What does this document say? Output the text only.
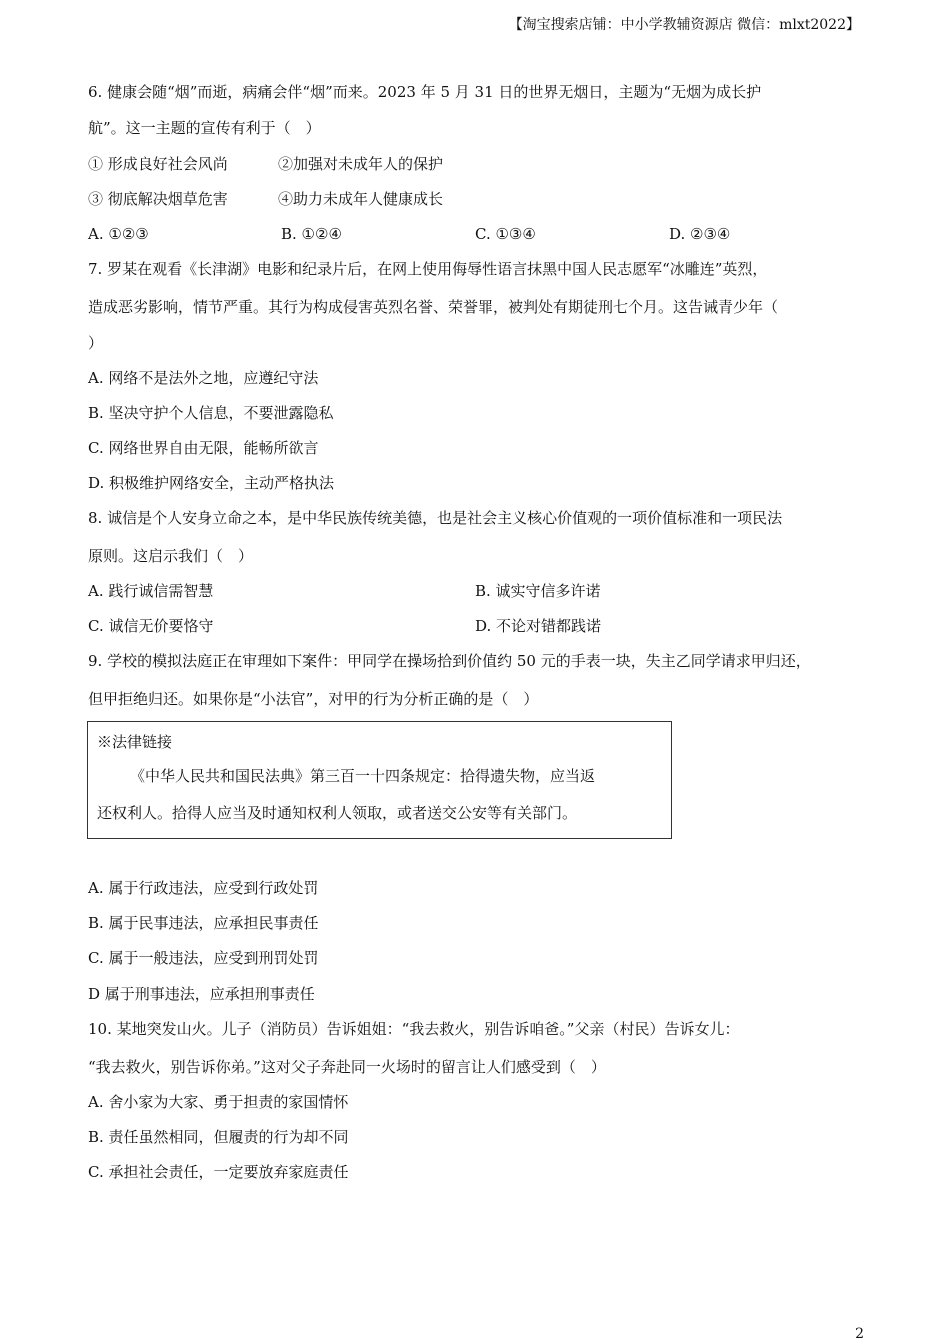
【淘宝搜索店铺：中小学教辅资源店 微信：mlxt2022】
6. 健康会随“烟”而逝，病痛会伴“烟”而来。2023 年 5 月 31 日的世界无烟日，主题为“无烟为成长护
航”。这一主题的宣传有利于（　）
① 形成良好社会风尚	②加强对未成年人的保护
③ 彻底解决烟草危害	④助力未成年人健康成长
A. ①②③	B. ①②④	C. ①③④	D. ②③④
7. 罗某在观看《长津湖》电影和纪录片后，在网上使用侮辱性语言抹黑中国人民志愿军“冰雕连”英烈，
造成恶劣影响，情节严重。其行为构成侵害英烈名誉、荣誉罪，被判处有期徒刑七个月。这告诫青少年（
）
A. 网络不是法外之地，应遵纪守法
B. 坚决守护个人信息，不要泄露隐私
C. 网络世界自由无限，能畅所欲言
D. 积极维护网络安全，主动严格执法
8. 诚信是个人安身立命之本，是中华民族传统美德，也是社会主义核心价值观的一项价值标准和一项民法
原则。这启示我们（　）
A. 践行诚信需智慧	B. 诚实守信多许诺
C. 诚信无价要恪守	D. 不论对错都践诺
9. 学校的模拟法庭正在审理如下案件：甲同学在操场拾到价值约 50 元的手表一块，失主乙同学请求甲归还，
但甲拒绝归还。如果你是“小法官”，对甲的行为分析正确的是（　）
※法律链接
《中华人民共和国民法典》第三百一十四条规定：拾得遗失物，应当返
还权利人。拾得人应当及时通知权利人领取，或者送交公安等有关部门。
A. 属于行政违法，应受到行政处罚
B. 属于民事违法，应承担民事责任
C. 属于一般违法，应受到刑罚处罚
D 属于刑事违法，应承担刑事责任
10. 某地突发山火。儿子（消防员）告诉姐姐：“我去救火，别告诉咱爸。”父亲（村民）告诉女儿：
“我去救火，别告诉你弟。”这对父子奔赴同一火场时的留言让人们感受到（　）
A. 舍小家为大家、勇于担责的家国情怀
B. 责任虽然相同，但履责的行为却不同
C. 承担社会责任，一定要放弃家庭责任
2
